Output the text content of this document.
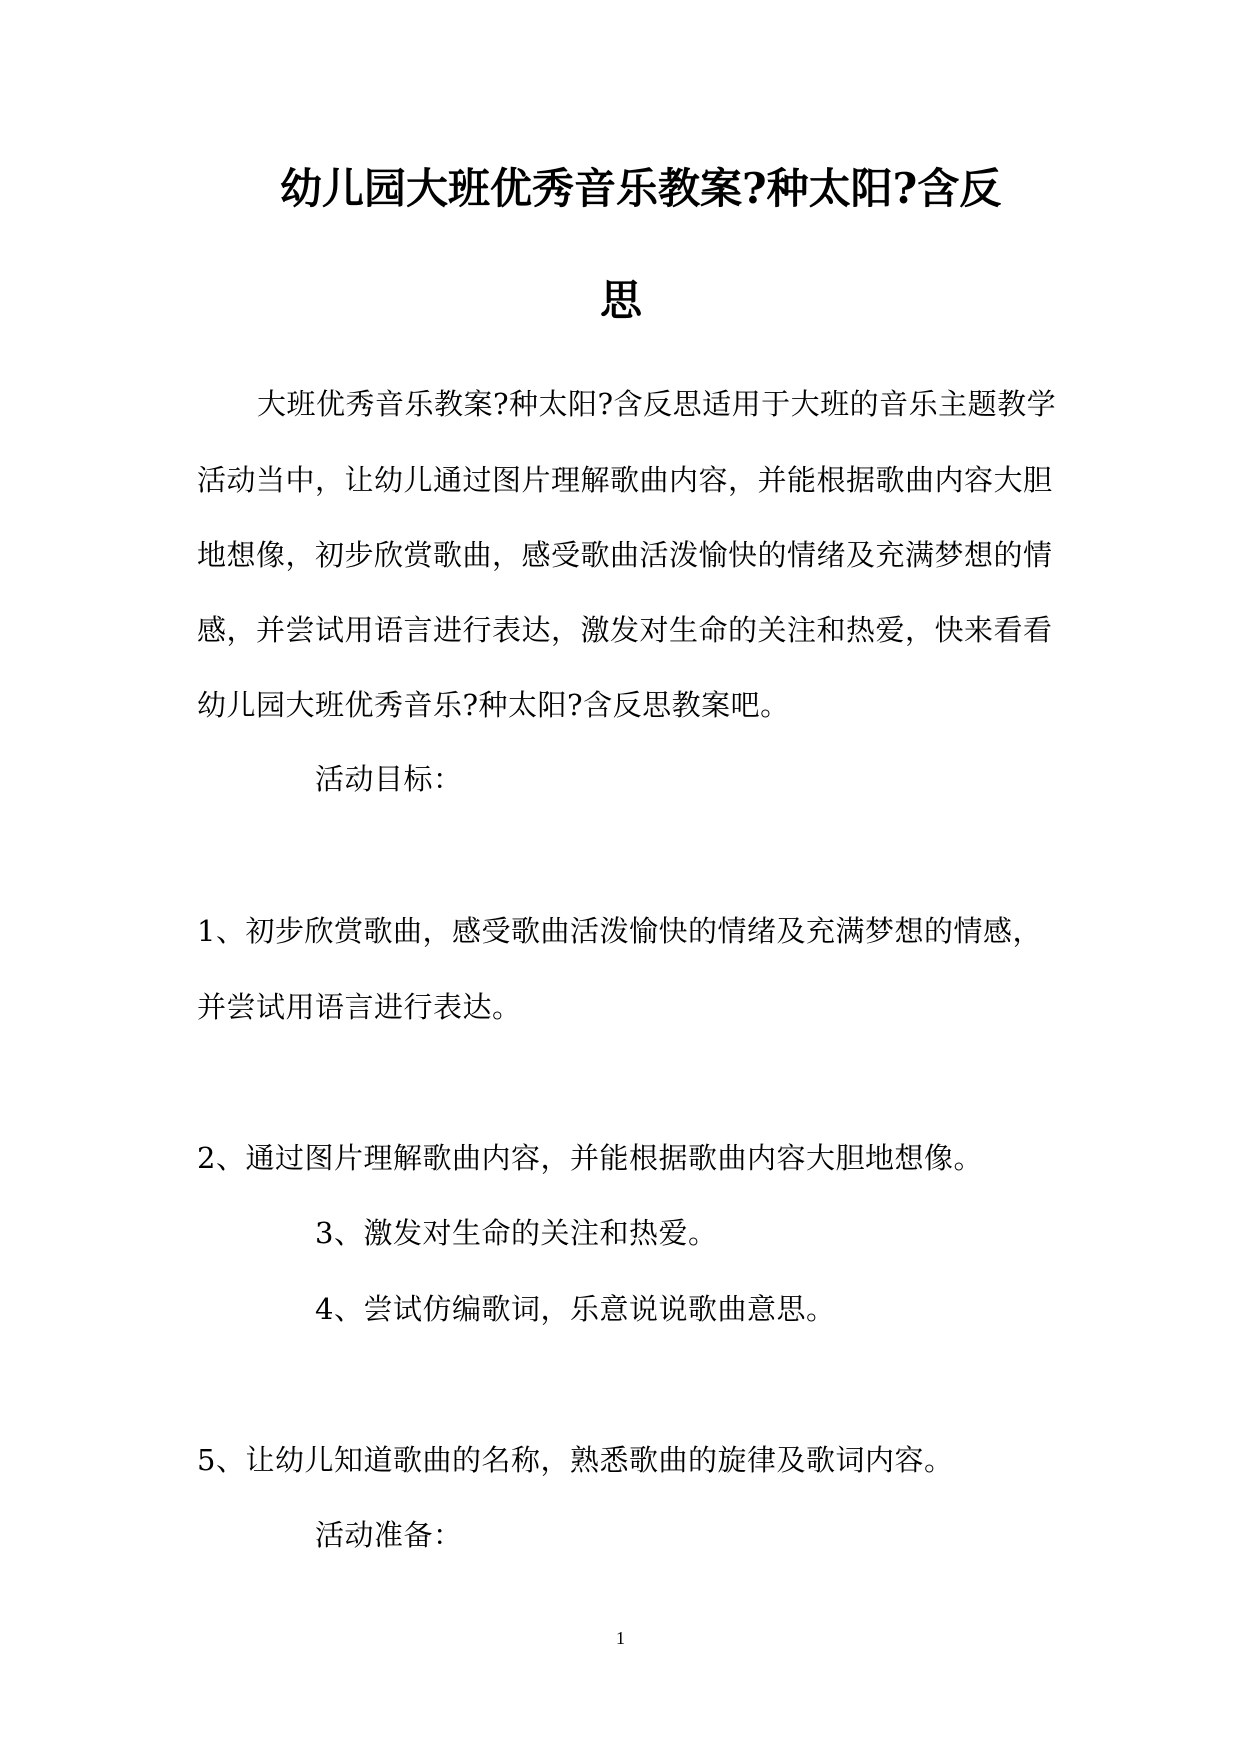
幼儿园大班优秀音乐教案?种太阳?含反
思
大班优秀音乐教案?种太阳?含反思适用于大班的音乐主题教学
活动当中，让幼儿通过图片理解歌曲内容，并能根据歌曲内容大胆
地想像，初步欣赏歌曲，感受歌曲活泼愉快的情绪及充满梦想的情
感，并尝试用语言进行表达，激发对生命的关注和热爱，快来看看
幼儿园大班优秀音乐?种太阳?含反思教案吧。
活动目标：
1、初步欣赏歌曲，感受歌曲活泼愉快的情绪及充满梦想的情感，
并尝试用语言进行表达。
2、通过图片理解歌曲内容，并能根据歌曲内容大胆地想像。
3、激发对生命的关注和热爱。
4、尝试仿编歌词，乐意说说歌曲意思。
5、让幼儿知道歌曲的名称，熟悉歌曲的旋律及歌词内容。
活动准备：
1
